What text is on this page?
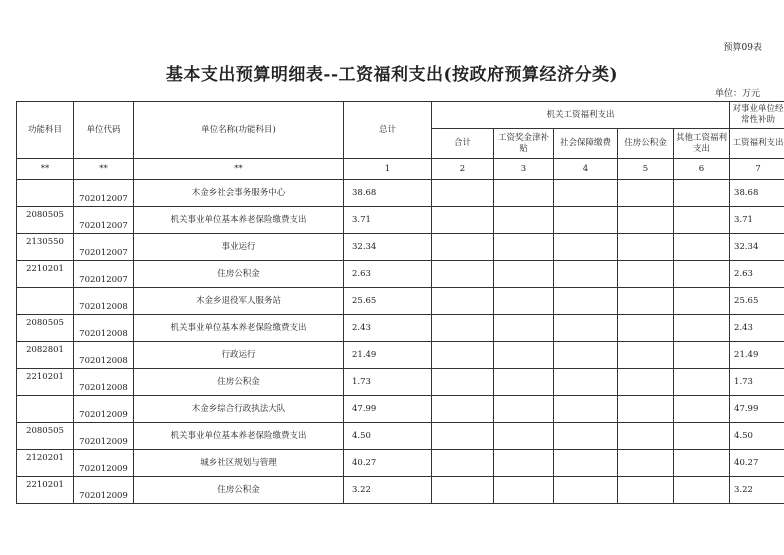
预算09表
基本支出预算明细表--工资福利支出(按政府预算经济分类)
单位：万元
功能科目	单位代码	单位名称(功能科目)	总计	机关工资福利支出					对事业单位经常性补助
				合计	工资奖金津补贴	社会保障缴费	住房公积金	其他工资福利支出	工资福利支出
**	**	**	1	2	3	4	5	6	7
	702012007	木金乡社会事务服务中心	38.68						38.68
2080505	702012007	机关事业单位基本养老保险缴费支出	3.71						3.71
2130550	702012007	事业运行	32.34						32.34
2210201	702012007	住房公积金	2.63						2.63
	702012008	木金乡退役军人服务站	25.65						25.65
2080505	702012008	机关事业单位基本养老保险缴费支出	2.43						2.43
2082801	702012008	行政运行	21.49						21.49
2210201	702012008	住房公积金	1.73						1.73
	702012009	木金乡综合行政执法大队	47.99						47.99
2080505	702012009	机关事业单位基本养老保险缴费支出	4.50						4.50
2120201	702012009	城乡社区规划与管理	40.27						40.27
2210201	702012009	住房公积金	3.22						3.22
